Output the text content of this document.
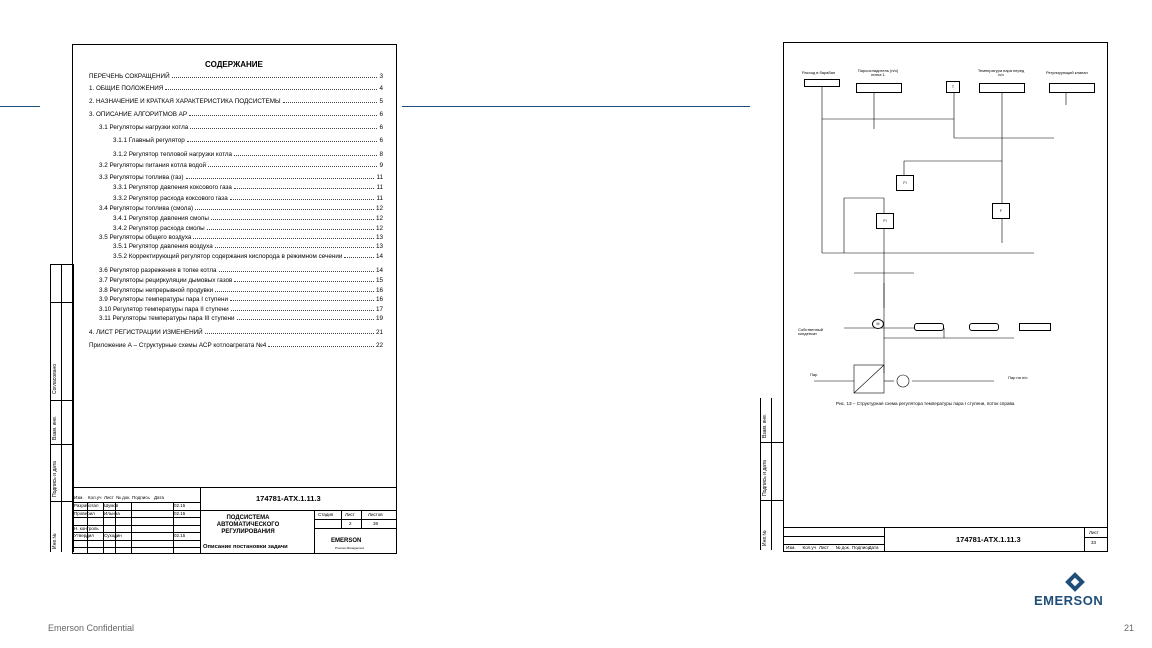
СОДЕРЖАНИЕ
ПЕРЕЧЕНЬ СОКРАЩЕНИЙ	3
1. ОБЩИЕ ПОЛОЖЕНИЯ	4
2. НАЗНАЧЕНИЕ И КРАТКАЯ ХАРАКТЕРИСТИКА ПОДСИСТЕМЫ	5
3. ОПИСАНИЕ АЛГОРИТМОВ АР	6
3.1 Регуляторы нагрузки котла	6
3.1.1 Главный регулятор	6
3.1.2 Регулятор тепловой нагрузки котла	8
3.2 Регуляторы питания котла водой	9
3.3 Регуляторы топлива (газ)	11
3.3.1 Регулятор давления коксового газа	11
3.3.2 Регулятор расхода коксового газа	11
3.4 Регуляторы топлива (смола)	12
3.4.1 Регулятор давления смолы	12
3.4.2 Регулятор расхода смолы	12
3.5 Регуляторы общего воздуха	13
3.5.1 Регулятор давления воздуха	13
3.5.2 Корректирующий регулятор содержания кислорода в режимном сечении	14
3.6 Регулятор разрежения в топке котла	14
3.7 Регуляторы рециркуляции дымовых газов	15
3.8 Регуляторы непрерывной продувки	16
3.9 Регуляторы температуры пара I ступени	16
3.10 Регулятор температуры пара II ступени	17
3.11 Регуляторы температуры пара III ступени	19
4. ЛИСТ РЕГИСТРАЦИИ ИЗМЕНЕНИЙ	21
Приложение А – Структурные схемы АСР котлоагрегата №4	22
174781-АТХ.1.11.3
Изм. Кол.уч Лист № док. Подпись Дата
Разработал Шумов	02.15
Проверил Ильина	02.15
Н. контроль
Утвердил Суходин	02.15
ПОДСИСТЕМА АВТОМАТИЧЕСКОГО РЕГУЛИРОВАНИЯ
Описание постановки задачи
Стадия	Лист	Листов
2	38
EMERSON
Process Management
Согласовано
Взам. инв.
Подпись и дата
Инв.№
FI
FI
F
T
M
Расход в барабан	Пароохладитель (п/о) нитка 1
Температура пара перед п/о	Регулирующий клапан
Собственный конденсат
Пар
Пар на п/о
Рис. 13 – Структурная схема регулятора температуры пара I ступени, поток справа
Изм. Кол.уч Лист № док. Подпись
Дата
174781-АТХ.1.11.3
Лист
33
Взам. инв.
Подпись и дата
Инв.№
Emerson Confidential	21
EMERSON
